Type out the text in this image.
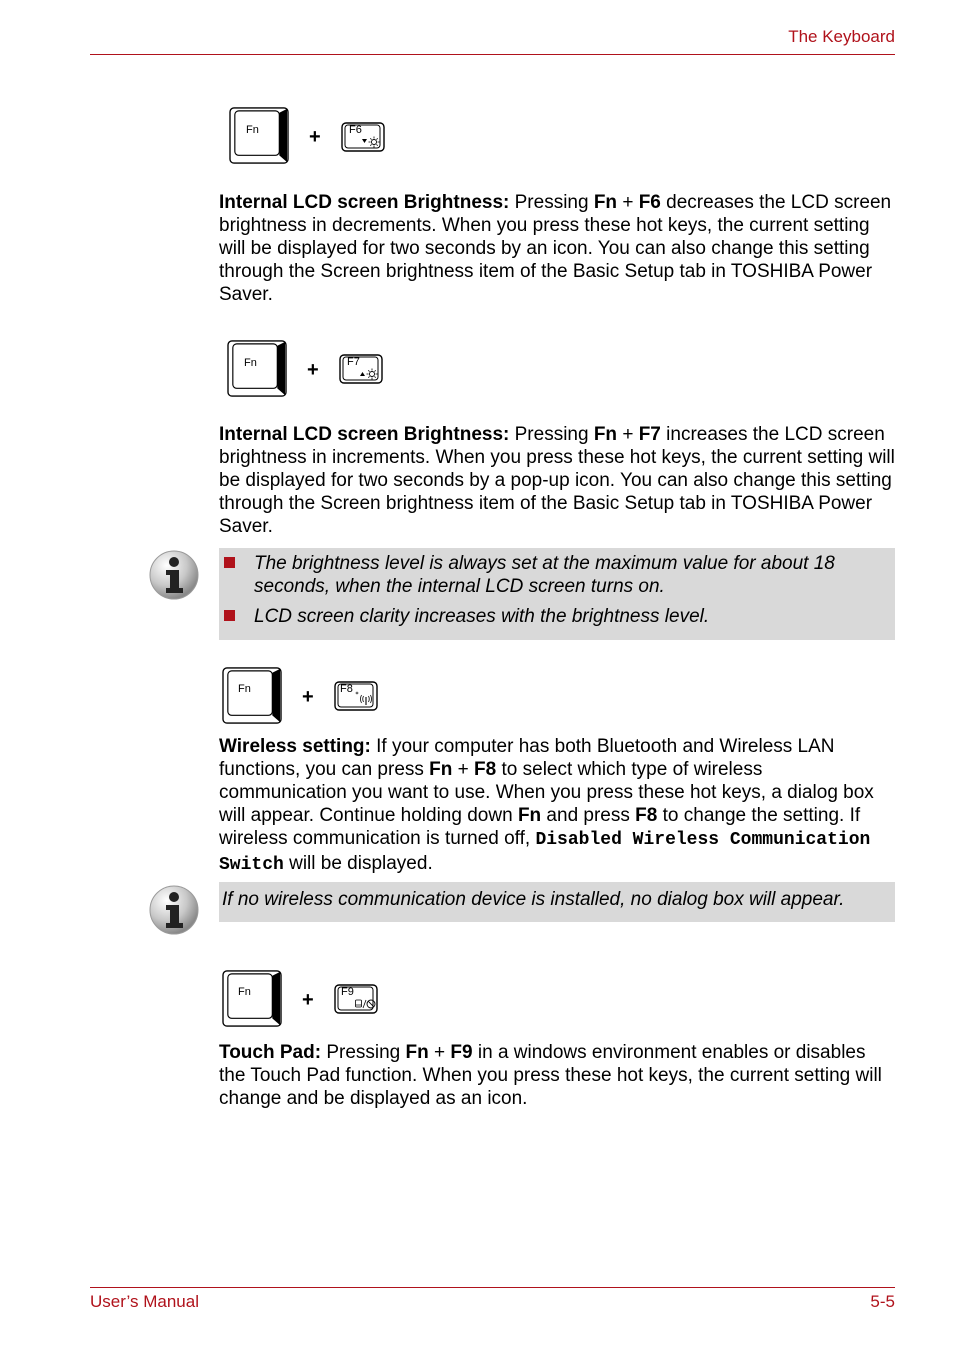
The Keyboard
Fn	+	F6
Internal LCD screen Brightness: Pressing Fn + F6 decreases the LCD screen brightness in decrements. When you press these hot keys, the current setting will be displayed for two seconds by an icon. You can also change this setting through the Screen brightness item of the Basic Setup tab in TOSHIBA Power Saver.
Fn	+	F7
Internal LCD screen Brightness: Pressing Fn + F7 increases the LCD screen brightness in increments. When you press these hot keys, the current setting will be displayed for two seconds by a pop-up icon. You can also change this setting through the Screen brightness item of the Basic Setup tab in TOSHIBA Power Saver.
The brightness level is always set at the maximum value for about 18 seconds, when the internal LCD screen turns on.
LCD screen clarity increases with the brightness level.
Fn	+ F8
Wireless setting: If your computer has both Bluetooth and Wireless LAN functions, you can press Fn + F8 to select which type of wireless communication you want to use. When you press these hot keys, a dialog box will appear. Continue holding down Fn and press F8 to change the setting. If wireless communication is turned off, Disabled Wireless Communication Switch will be displayed.
If no wireless communication device is installed, no dialog box will appear.
Fn	+ F9
Touch Pad: Pressing Fn + F9 in a windows environment enables or disables the Touch Pad function. When you press these hot keys, the current setting will change and be displayed as an icon.
User’s Manual	5-5
